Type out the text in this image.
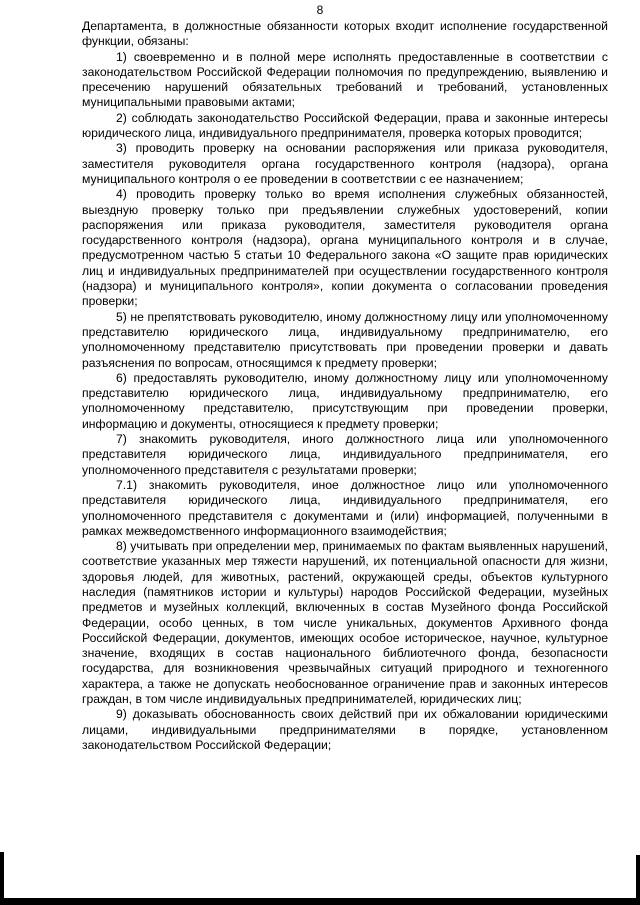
8

Департамента, в должностные обязанности которых входит исполнение государственной функции, обязаны:

1) своевременно и в полной мере исполнять предоставленные в соответствии с законодательством Российской Федерации полномочия по предупреждению, выявлению и пресечению нарушений обязательных требований и требований, установленных муниципальными правовыми актами;

2) соблюдать законодательство Российской Федерации, права и законные интересы юридического лица, индивидуального предпринимателя, проверка которых проводится;

3) проводить проверку на основании распоряжения или приказа руководителя, заместителя руководителя органа государственного контроля (надзора), органа муниципального контроля о ее проведении в соответствии с ее назначением;

4) проводить проверку только во время исполнения служебных обязанностей, выездную проверку только при предъявлении служебных удостоверений, копии распоряжения или приказа руководителя, заместителя руководителя органа государственного контроля (надзора), органа муниципального контроля и в случае, предусмотренном частью 5 статьи 10 Федерального закона «О защите прав юридических лиц и индивидуальных предпринимателей при осуществлении государственного контроля (надзора) и муниципального контроля», копии документа о согласовании проведения проверки;

5) не препятствовать руководителю, иному должностному лицу или уполномоченному представителю юридического лица, индивидуальному предпринимателю, его уполномоченному представителю присутствовать при проведении проверки и давать разъяснения по вопросам, относящимся к предмету проверки;

6) предоставлять руководителю, иному должностному лицу или уполномоченному представителю юридического лица, индивидуальному предпринимателю, его уполномоченному представителю, присутствующим при проведении проверки, информацию и документы, относящиеся к предмету проверки;

7) знакомить руководителя, иного должностного лица или уполномоченного представителя юридического лица, индивидуального предпринимателя, его уполномоченного представителя с результатами проверки;

7.1) знакомить руководителя, иное должностное лицо или уполномоченного представителя юридического лица, индивидуального предпринимателя, его уполномоченного представителя с документами и (или) информацией, полученными в рамках межведомственного информационного взаимодействия;

8) учитывать при определении мер, принимаемых по фактам выявленных нарушений, соответствие указанных мер тяжести нарушений, их потенциальной опасности для жизни, здоровья людей, для животных, растений, окружающей среды, объектов культурного наследия (памятников истории и культуры) народов Российской Федерации, музейных предметов и музейных коллекций, включенных в состав Музейного фонда Российской Федерации, особо ценных, в том числе уникальных, документов Архивного фонда Российской Федерации, документов, имеющих особое историческое, научное, культурное значение, входящих в состав национального библиотечного фонда, безопасности государства, для возникновения чрезвычайных ситуаций природного и техногенного характера, а также не допускать необоснованное ограничение прав и законных интересов граждан, в том числе индивидуальных предпринимателей, юридических лиц;

9) доказывать обоснованность своих действий при их обжаловании юридическими лицами, индивидуальными предпринимателями в порядке, установленном законодательством Российской Федерации;
